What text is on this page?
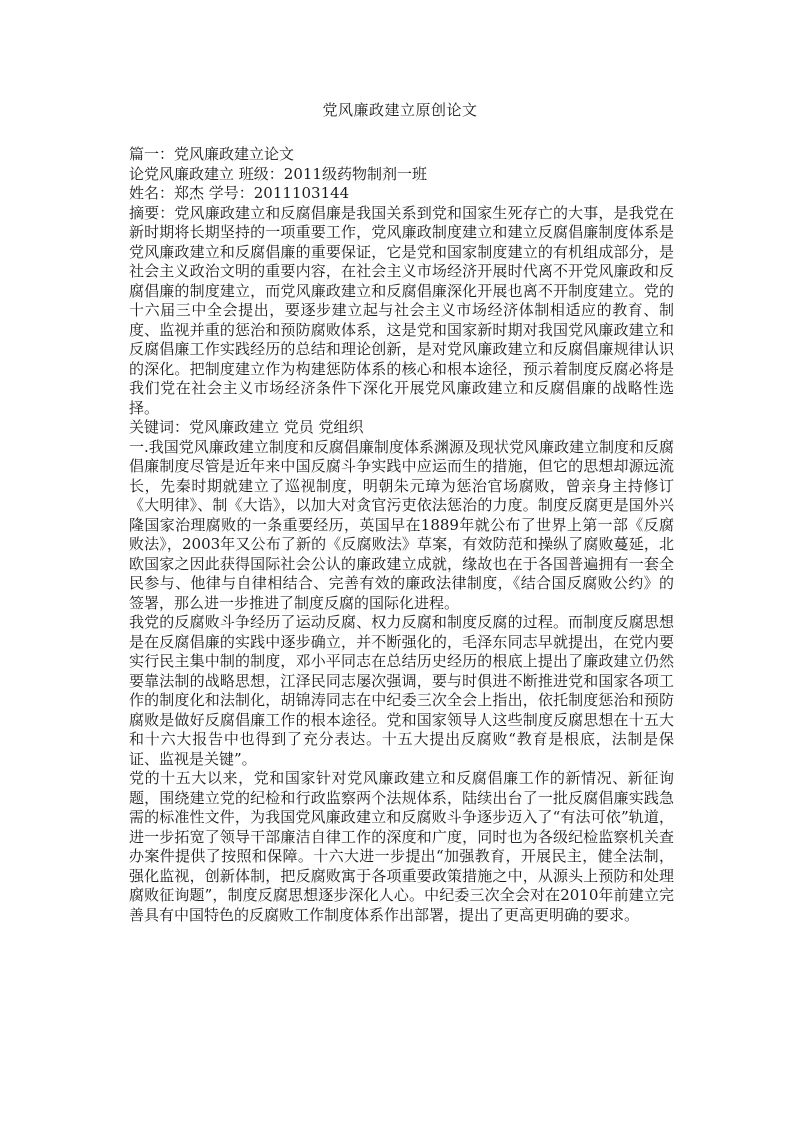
党风廉政建立原创论文

篇一：党风廉政建立论文

论党风廉政建立 班级：2011级药物制剂一班

姓名：郑杰 学号：2011103144

摘要：党风廉政建立和反腐倡廉是我国关系到党和国家生死存亡的大事，是我党在新时期将长期坚持的一项重要工作，党风廉政制度建立和建立反腐倡廉制度体系是党风廉政建立和反腐倡廉的重要保证，它是党和国家制度建立的有机组成部分，是社会主义政治文明的重要内容，在社会主义市场经济开展时代离不开党风廉政和反腐倡廉的制度建立，而党风廉政建立和反腐倡廉深化开展也离不开制度建立。党的十六届三中全会提出，要逐步建立起与社会主义市场经济体制相适应的教育、制度、监视并重的惩治和预防腐败体系，这是党和国家新时期对我国党风廉政建立和反腐倡廉工作实践经历的总结和理论创新，是对党风廉政建立和反腐倡廉规律认识的深化。把制度建立作为构建惩防体系的核心和根本途径，预示着制度反腐必将是我们党在社会主义市场经济条件下深化开展党风廉政建立和反腐倡廉的战略性选择。

关键词：党风廉政建立 党员 党组织

一.我国党风廉政建立制度和反腐倡廉制度体系渊源及现状党风廉政建立制度和反腐倡廉制度尽管是近年来中国反腐斗争实践中应运而生的措施，但它的思想却源远流长，先秦时期就建立了巡视制度，明朝朱元璋为惩治官场腐败，曾亲身主持修订《大明律》、制《大诰》，以加大对贪官污吏依法惩治的力度。制度反腐更是国外兴隆国家治理腐败的一条重要经历，英国早在1889年就公布了世界上第一部《反腐败法》，2003年又公布了新的《反腐败法》草案，有效防范和操纵了腐败蔓延，北欧国家之因此获得国际社会公认的廉政建立成就，缘故也在于各国普遍拥有一套全民参与、他律与自律相结合、完善有效的廉政法律制度，《结合国反腐败公约》的签署，那么进一步推进了制度反腐的国际化进程。

我党的反腐败斗争经历了运动反腐、权力反腐和制度反腐的过程。而制度反腐思想是在反腐倡廉的实践中逐步确立，并不断强化的，毛泽东同志早就提出，在党内要实行民主集中制的制度，邓小平同志在总结历史经历的根底上提出了廉政建立仍然要靠法制的战略思想，江泽民同志屡次强调，要与时俱进不断推进党和国家各项工作的制度化和法制化，胡锦涛同志在中纪委三次全会上指出，依托制度惩治和预防腐败是做好反腐倡廉工作的根本途径。党和国家领导人这些制度反腐思想在十五大和十六大报告中也得到了充分表达。十五大提出反腐败“教育是根底，法制是保证、监视是关键”。

党的十五大以来，党和国家针对党风廉政建立和反腐倡廉工作的新情况、新征询题，围绕建立党的纪检和行政监察两个法规体系，陆续出台了一批反腐倡廉实践急需的标准性文件，为我国党风廉政建立和反腐败斗争逐步迈入了“有法可依”轨道，进一步拓宽了领导干部廉洁自律工作的深度和广度，同时也为各级纪检监察机关查办案件提供了按照和保障。十六大进一步提出“加强教育，开展民主，健全法制，强化监视，创新体制，把反腐败寓于各项重要政策措施之中，从源头上预防和处理腐败征询题”，制度反腐思想逐步深化人心。中纪委三次全会对在2010年前建立完善具有中国特色的反腐败工作制度体系作出部署，提出了更高更明确的要求。
